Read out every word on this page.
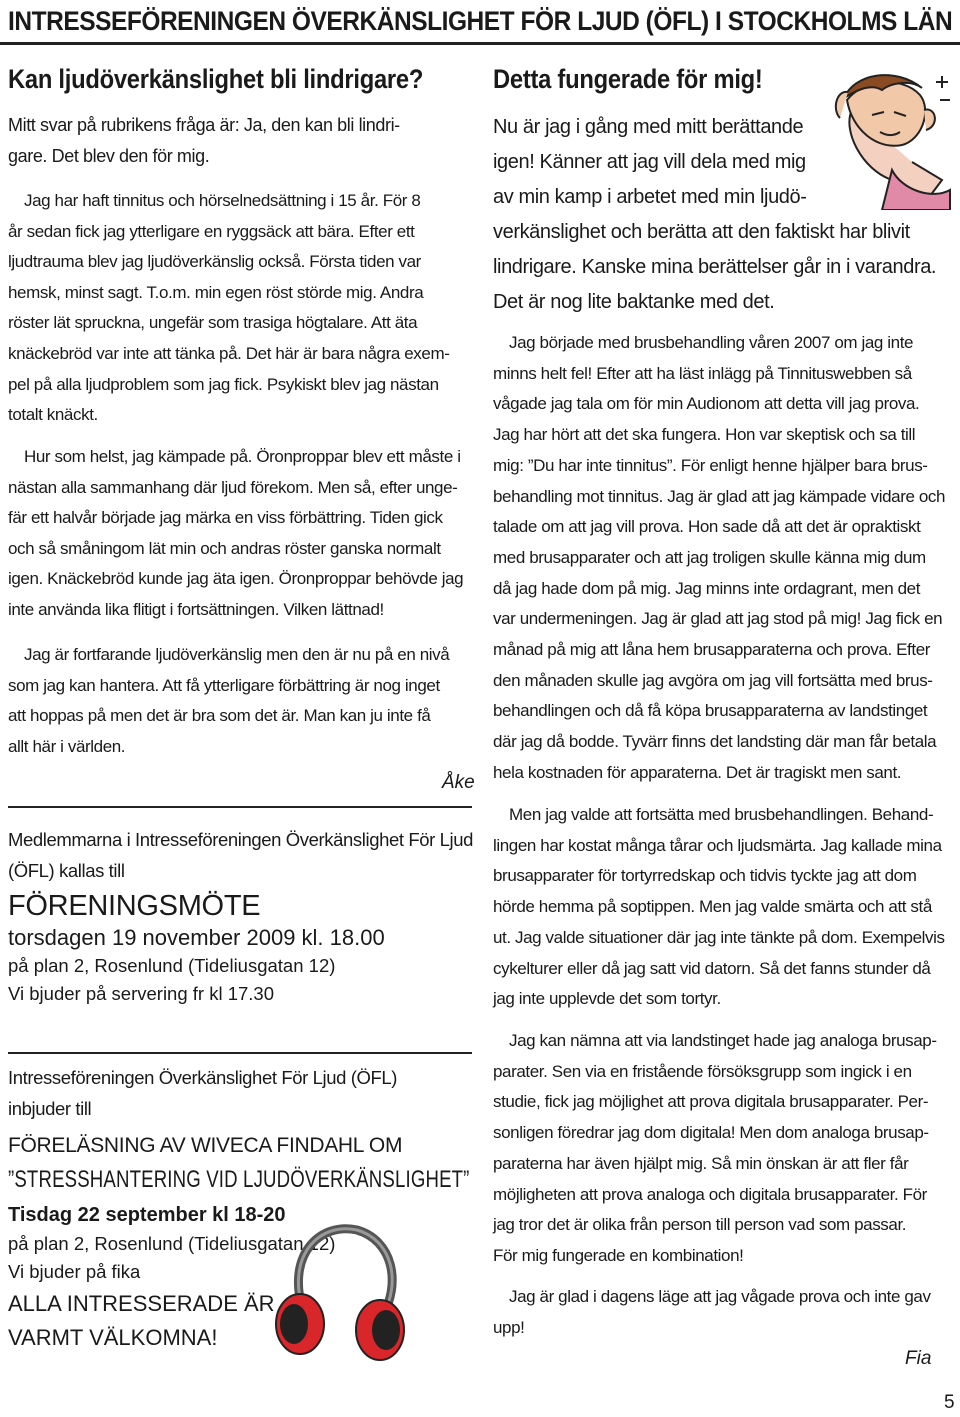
INTRESSEFÖRENINGEN ÖVERKÄNSLIGHET FÖR LJUD (ÖFL) I STOCKHOLMS LÄN
Kan ljudöverkänslighet bli lindrigare?

Mitt svar på rubrikens fråga är: Ja, den kan bli lindri-
gare. Det blev den för mig.

Jag har haft tinnitus och hörselnedsättning i 15 år. För 8
år sedan fick jag ytterligare en ryggsäck att bära. Efter ett
ljudtrauma blev jag ljudöverkänslig också. Första tiden var
hemsk, minst sagt. T.o.m. min egen röst störde mig. Andra
röster lät spruckna, ungefär som trasiga högtalare. Att äta
knäckebröd var inte att tänka på. Det här är bara några exem-
pel på alla ljudproblem som jag fick. Psykiskt blev jag nästan
totalt knäckt.

Hur som helst, jag kämpade på. Öronproppar blev ett måste i
nästan alla sammanhang där ljud förekom. Men så, efter unge-
fär ett halvår började jag märka en viss förbättring. Tiden gick
och så småningom lät min och andras röster ganska normalt
igen. Knäckebröd kunde jag äta igen. Öronproppar behövde jag
inte använda lika flitigt i fortsättningen. Vilken lättnad!

Jag är fortfarande ljudöverkänslig men den är nu på en nivå
som jag kan hantera. Att få ytterligare förbättring är nog inget
att hoppas på men det är bra som det är. Man kan ju inte få
allt här i världen.

Åke

Medlemmarna i Intresseföreningen Överkänslighet För Ljud
(ÖFL) kallas till

FÖRENINGSMÖTE
torsdagen 19 november 2009 kl. 18.00
på plan 2, Rosenlund (Tideliusgatan 12)
Vi bjuder på servering fr kl 17.30

Intresseföreningen Överkänslighet För Ljud (ÖFL)
inbjuder till

FÖRELÄSNING AV WIVECA FINDAHL OM
”STRESSHANTERING VID LJUDÖVERKÄNSLIGHET”
Tisdag 22 september kl 18-20
på plan 2, Rosenlund (Tideliusgatan 12)
Vi bjuder på fika
ALLA INTRESSERADE ÄR
VARMT VÄLKOMNA!
Detta fungerade för mig!

Nu är jag i gång med mitt berättande
igen! Känner att jag vill dela med mig
av min kamp i arbetet med min ljudö-
verkänslighet och berätta att den faktiskt har blivit
lindrigare. Kanske mina berättelser går in i varandra.
Det är nog lite baktanke med det.

Jag började med brusbehandling våren 2007 om jag inte
minns helt fel! Efter att ha läst inlägg på Tinnituswebben så
vågade jag tala om för min Audionom att detta vill jag prova.
Jag har hört att det ska fungera. Hon var skeptisk och sa till
mig: ”Du har inte tinnitus”. För enligt henne hjälper bara brus-
behandling mot tinnitus. Jag är glad att jag kämpade vidare och
talade om att jag vill prova. Hon sade då att det är opraktiskt
med brusapparater och att jag troligen skulle känna mig dum
då jag hade dom på mig. Jag minns inte ordagrant, men det
var undermeningen. Jag är glad att jag stod på mig! Jag fick en
månad på mig att låna hem brusapparaterna och prova. Efter
den månaden skulle jag avgöra om jag vill fortsätta med brus-
behandlingen och då få köpa brusapparaterna av landstinget
där jag då bodde. Tyvärr finns det landsting där man får betala
hela kostnaden för apparaterna. Det är tragiskt men sant.

Men jag valde att fortsätta med brusbehandlingen. Behand-
lingen har kostat många tårar och ljudsmärta. Jag kallade mina
brusapparater för tortyrredskap och tidvis tyckte jag att dom
hörde hemma på soptippen. Men jag valde smärta och att stå
ut. Jag valde situationer där jag inte tänkte på dom. Exempelvis
cykelturer eller då jag satt vid datorn. Så det fanns stunder då
jag inte upplevde det som tortyr.

Jag kan nämna att via landstinget hade jag analoga brusap-
parater. Sen via en fristående försöksgrupp som ingick i en
studie, fick jag möjlighet att prova digitala brusapparater. Per-
sonligen föredrar jag dom digitala! Men dom analoga brusap-
paraterna har även hjälpt mig. Så min önskan är att fler får
möjligheten att prova analoga och digitala brusapparater. För
jag tror det är olika från person till person vad som passar.
För mig fungerade en kombination!

Jag är glad i dagens läge att jag vågade prova och inte gav
upp!

Fia
5
